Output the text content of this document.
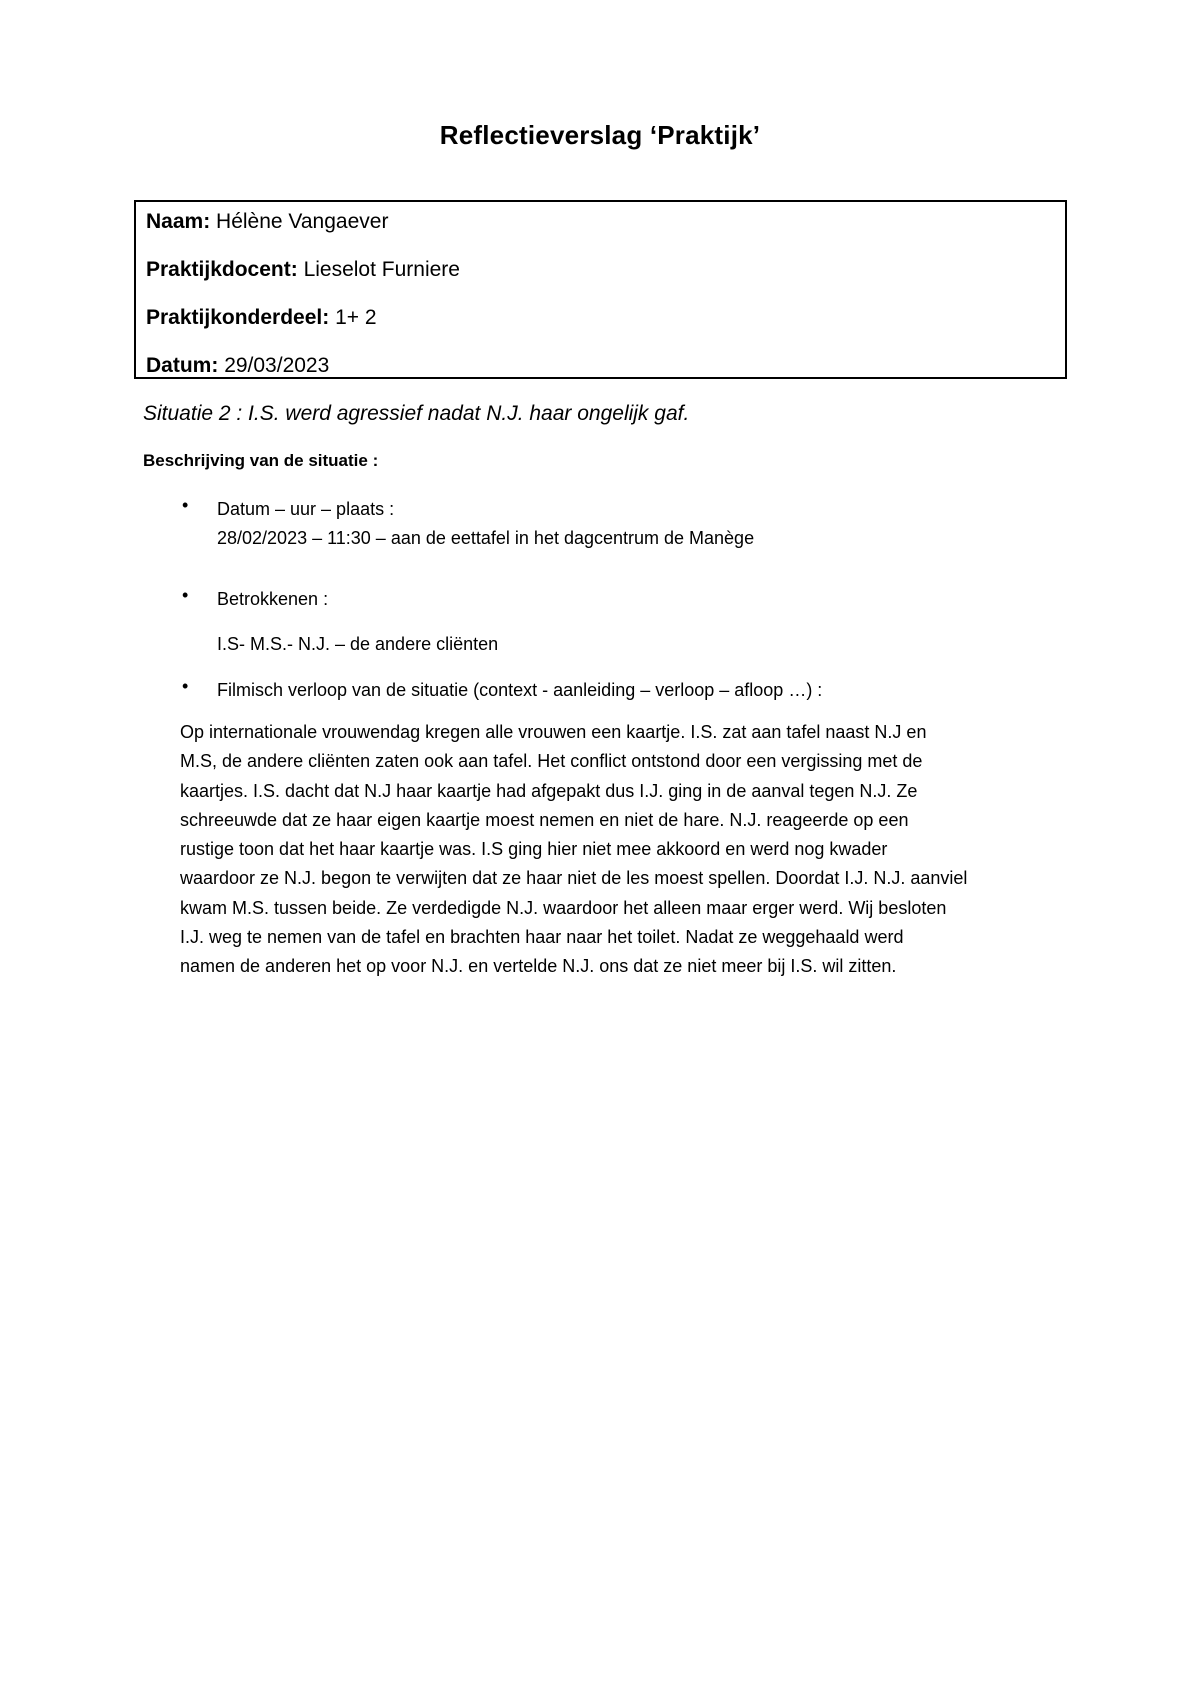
Reflectieverslag ‘Praktijk’
Naam: Hélène Vangaever
Praktijkdocent: Lieselot Furniere
Praktijkonderdeel: 1+ 2
Datum: 29/03/2023
Situatie 2 : I.S. werd agressief nadat N.J. haar ongelijk gaf.
Beschrijving van de situatie :
• Datum – uur – plaats :
28/02/2023 – 11:30 – aan de eettafel in het dagcentrum de Manège
• Betrokkenen :
I.S- M.S.- N.J. – de andere cliënten
• Filmisch verloop van de situatie (context - aanleiding – verloop – afloop …) :

Op internationale vrouwendag kregen alle vrouwen een kaartje. I.S. zat aan tafel naast N.J en

M.S, de andere cliënten zaten ook aan tafel. Het conflict ontstond door een vergissing met de

kaartjes. I.S. dacht dat N.J haar kaartje had afgepakt dus I.J. ging in de aanval tegen N.J. Ze

schreeuwde dat ze haar eigen kaartje moest nemen en niet de hare. N.J. reageerde op een

rustige toon dat het haar kaartje was. I.S ging hier niet mee akkoord en werd nog kwader

waardoor ze N.J. begon te verwijten dat ze haar niet de les moest spellen. Doordat I.J. N.J. aanviel

kwam M.S. tussen beide. Ze verdedigde N.J. waardoor het alleen maar erger werd. Wij besloten

I.J. weg te nemen van de tafel en brachten haar naar het toilet. Nadat ze weggehaald werd

namen de anderen het op voor N.J. en vertelde N.J. ons dat ze niet meer bij I.S. wil zitten.
